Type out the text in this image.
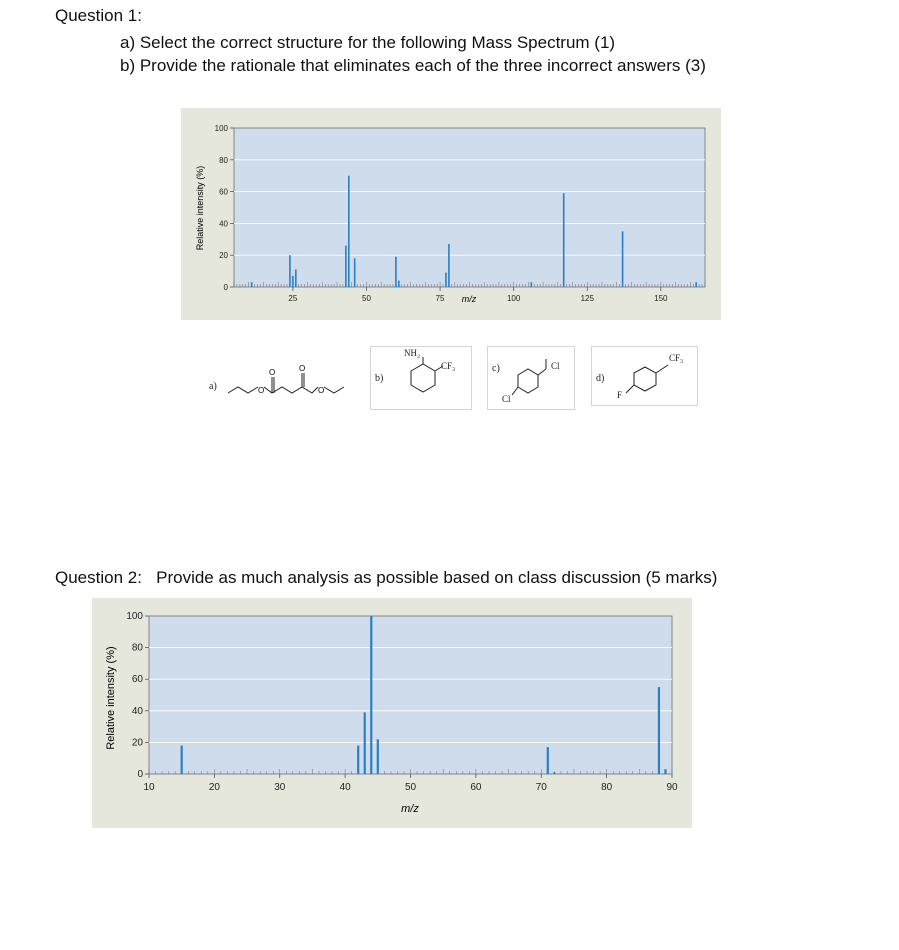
Question 1:
a) Select the correct structure for the following Mass Spectrum (1)
b) Provide the rationale that eliminates each of the three incorrect answers (3)
25	50	75	100	125	150
0
20
40
60
80
100
m/z
Relative intensity (%)
a)	O	O
O	O
b)
NH₂
CF₃	c)	Cl
Cl
d)
CF₃
F
Question 2: Provide as much analysis as possible based on class discussion (5 marks)
10	20	30	40	50	60	70	80	90
0
20
40
60
80
100
m/z
Relative intensity (%)
